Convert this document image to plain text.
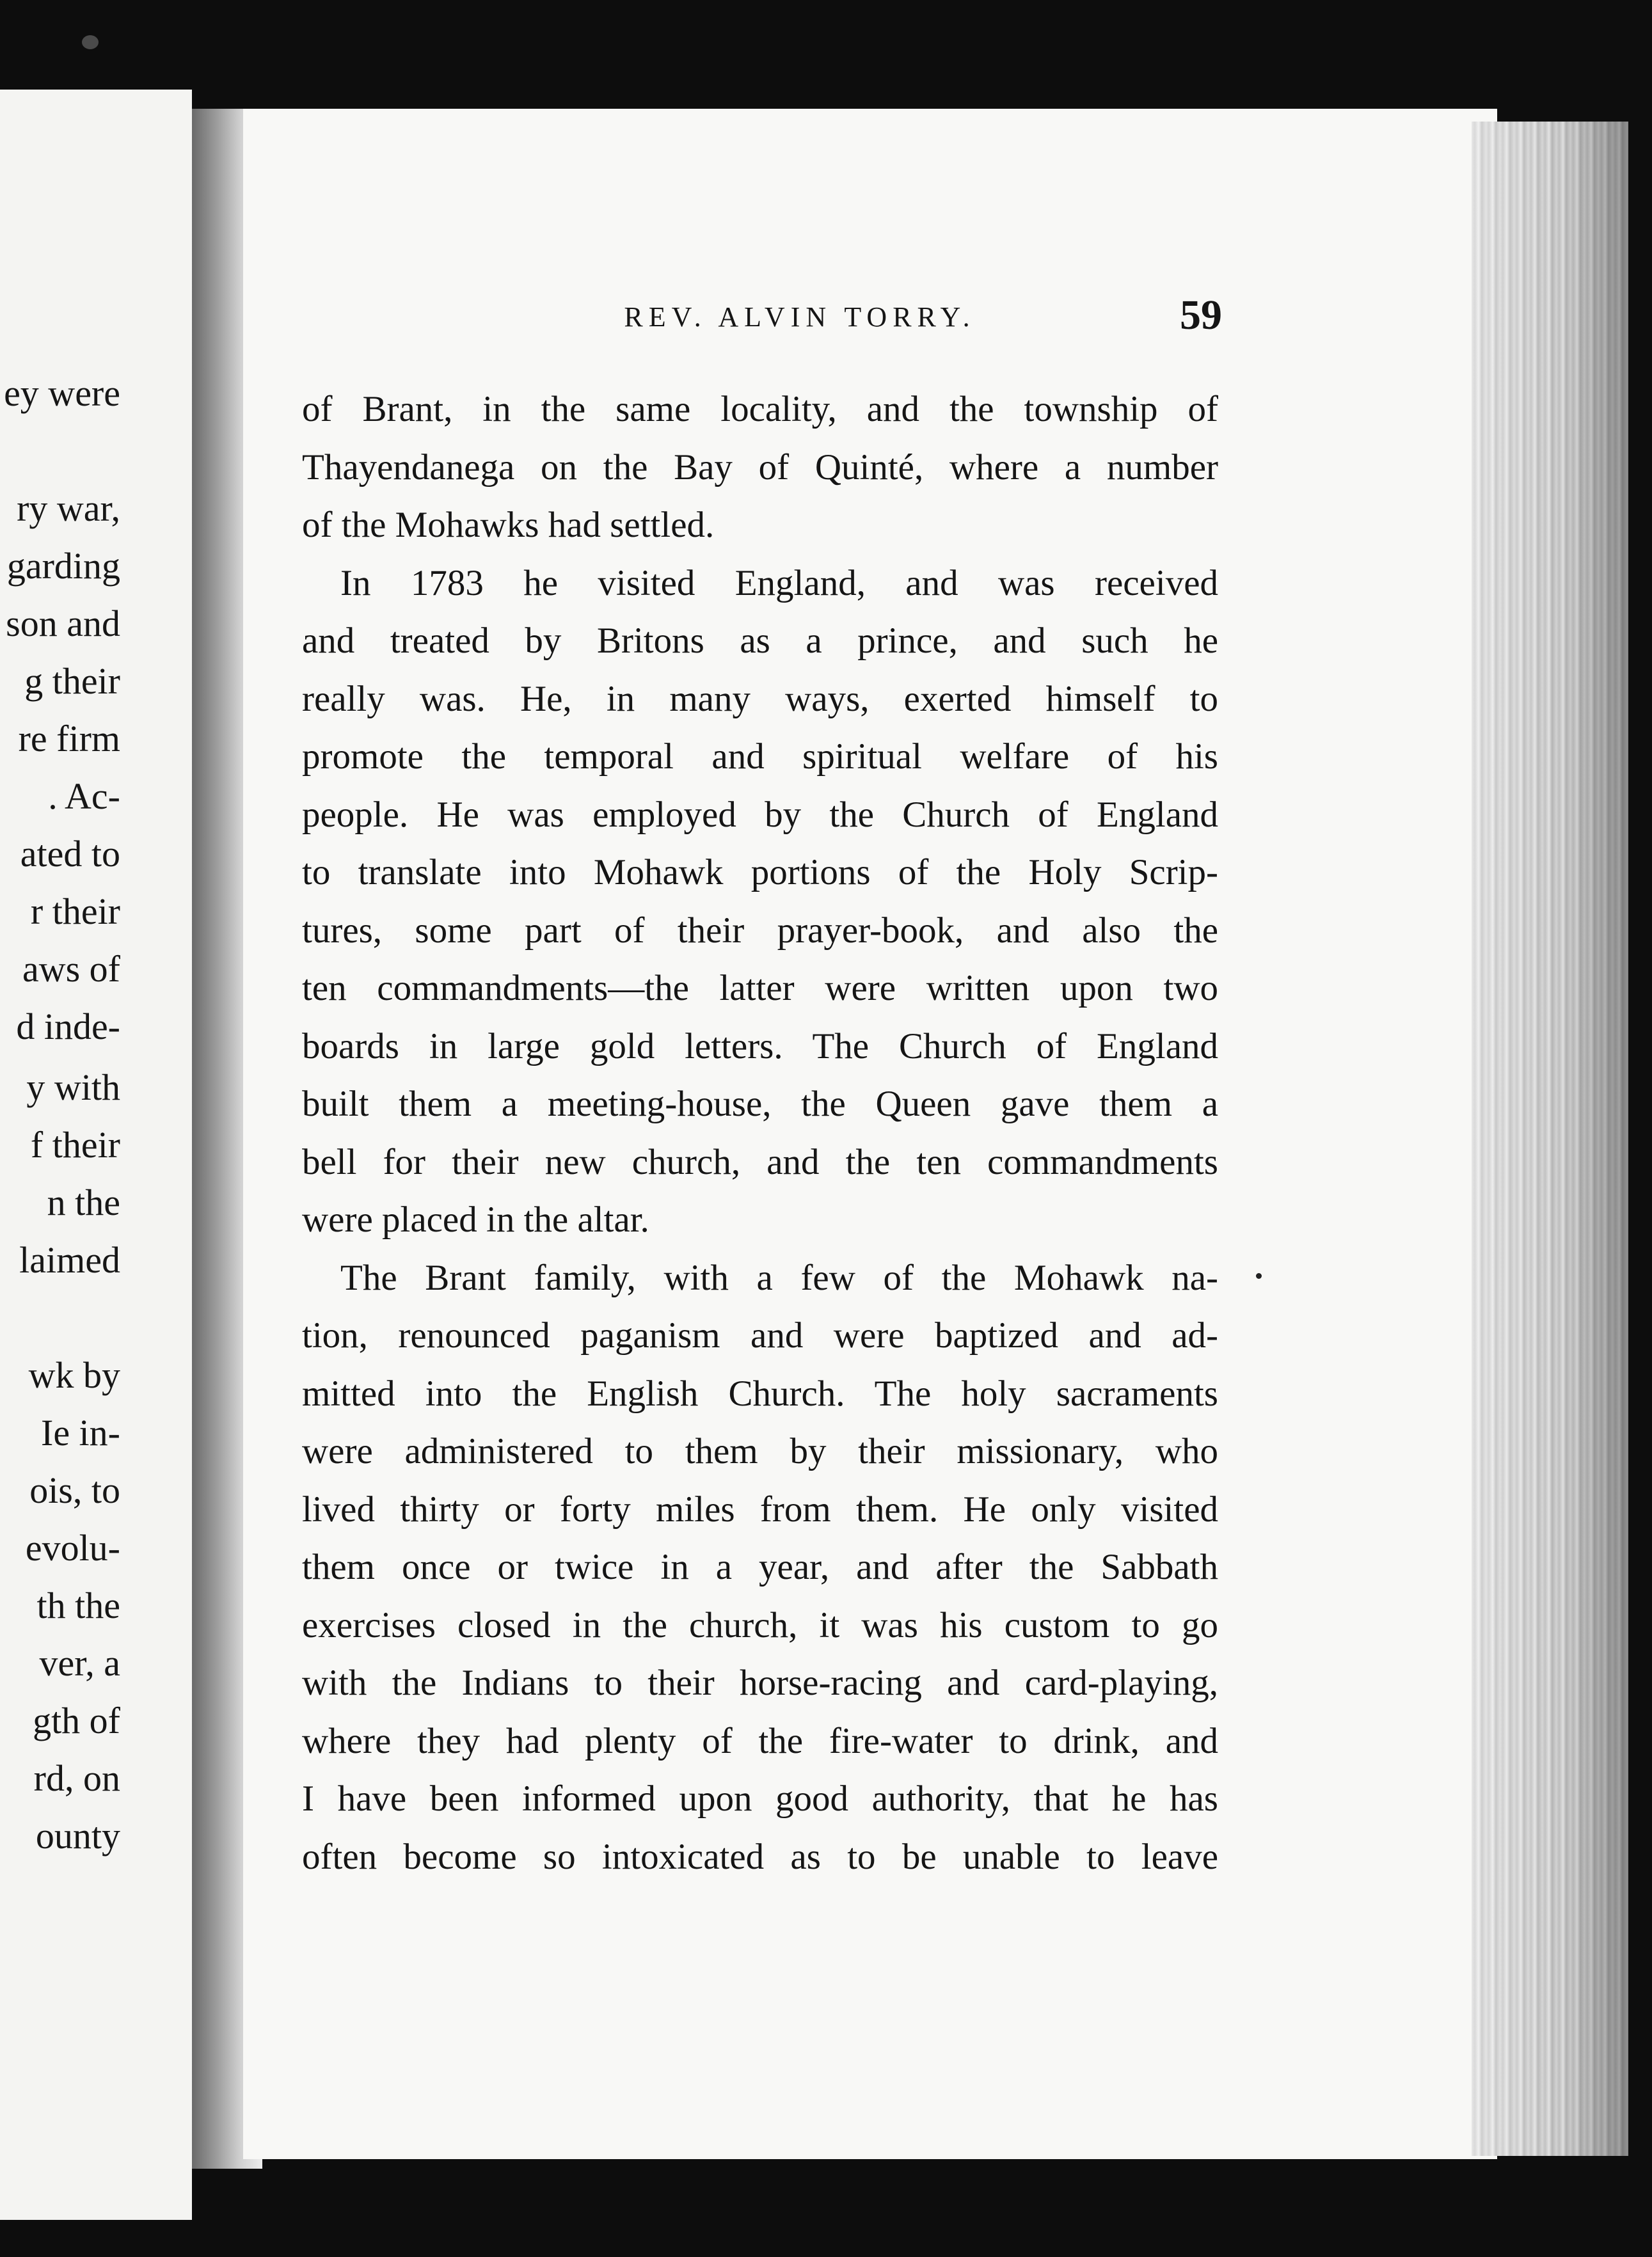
ey were
ry war,
garding
son and
g their
re firm
. Ac-
ated to
r their
aws of
d inde-
y with
f their
n the
laimed
wk by
Ie in-
ois, to
evolu-
th the
ver, a
gth of
rd, on
ounty
REV. ALVIN TORRY.	59
of Brant, in the same locality, and the township of
Thayendanega on the Bay of Quinté, where a number
of the Mohawks had settled.
In 1783 he visited England, and was received
and treated by Britons as a prince, and such he
really was. He, in many ways, exerted himself to
promote the temporal and spiritual welfare of his
people. He was employed by the Church of England
to translate into Mohawk portions of the Holy Scrip-
tures, some part of their prayer-book, and also the
ten commandments—the latter were written upon two
boards in large gold letters. The Church of England
built them a meeting-house, the Queen gave them a
bell for their new church, and the ten commandments
were placed in the altar.
The Brant family, with a few of the Mohawk na-
tion, renounced paganism and were baptized and ad-
mitted into the English Church. The holy sacraments
were administered to them by their missionary, who
lived thirty or forty miles from them. He only visited
them once or twice in a year, and after the Sabbath
exercises closed in the church, it was his custom to go
with the Indians to their horse-racing and card-playing,
where they had plenty of the fire-water to drink, and
I have been informed upon good authority, that he has
often become so intoxicated as to be unable to leave
